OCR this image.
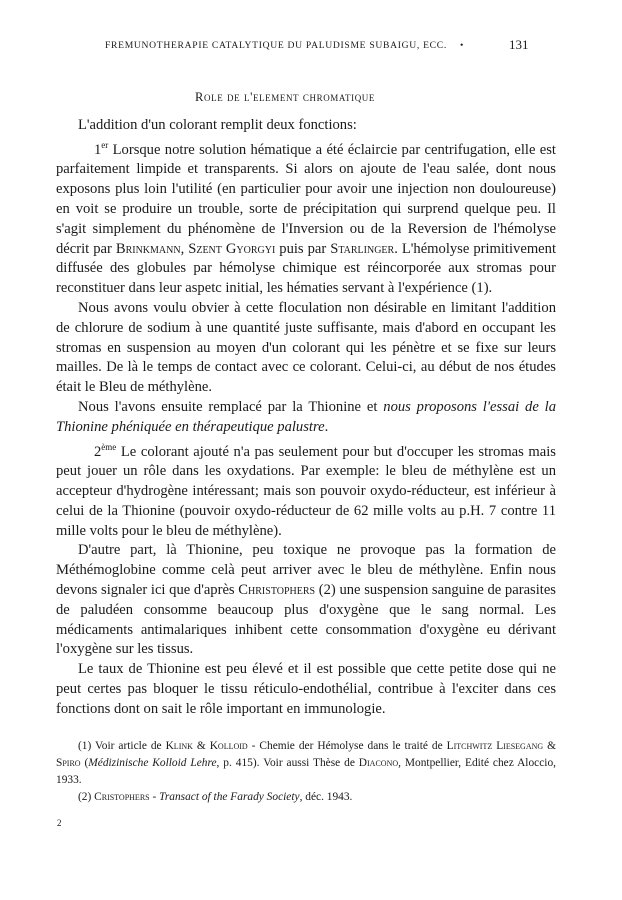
FREMUNOTHERAPIE CATALYTIQUE DU PALUDISME SUBAIGU, ECC. •	131
Role de l'element chromatique

L'addition d'un colorant remplit deux fonctions:

1er Lorsque notre solution hématique a été éclaircie par centrifugation, elle est parfaitement limpide et transparents. Si alors on ajoute de l'eau salée, dont nous exposons plus loin l'utilité (en particulier pour avoir une injection non douloureuse) en voit se produire un trouble, sorte de précipitation qui surprend quelque peu. Il s'agit simplement du phénomène de l'Inversion ou de la Reversion de l'hémolyse décrit par Brinkmann, Szent Gyorgyi puis par Starlinger. L'hémolyse primitivement diffusée des globules par hémolyse chimique est réincorporée aux stromas pour reconstituer dans leur aspetc initial, les hématies servant à l'expérience (1).

Nous avons voulu obvier à cette floculation non désirable en limitant l'addition de chlorure de sodium à une quantité juste suffisante, mais d'abord en occupant les stromas en suspension au moyen d'un colorant qui les pénètre et se fixe sur leurs mailles. De là le temps de contact avec ce colorant. Celui-ci, au début de nos études était le Bleu de méthylène.

Nous l'avons ensuite remplacé par la Thionine et nous proposons l'essai de la Thionine phéniquée en thérapeutique palustre.

2ème Le colorant ajouté n'a pas seulement pour but d'occuper les stromas mais peut jouer un rôle dans les oxydations. Par exemple: le bleu de méthylène est un accepteur d'hydrogène intéressant; mais son pouvoir oxydo-réducteur, est inférieur à celui de la Thionine (pouvoir oxydo-réducteur de 62 mille volts au p.H. 7 contre 11 mille volts pour le bleu de méthylène).

D'autre part, là Thionine, peu toxique ne provoque pas la formation de Méthémoglobine comme celà peut arriver avec le bleu de méthylène. Enfin nous devons signaler ici que d'après Christophers (2) une suspension sanguine de parasites de paludéen consomme beaucoup plus d'oxygène que le sang normal. Les médicaments antimalariques inhibent cette consommation d'oxygène eu dérivant l'oxygène sur les tissus.

Le taux de Thionine est peu élevé et il est possible que cette petite dose qui ne peut certes pas bloquer le tissu réticulo-endothélial, contribue à l'exciter dans ces fonctions dont on sait le rôle important en immunologie.

(1) Voir article de Klink & Kolloid - Chemie der Hémolyse dans le traité de Litchwitz Liesegang & Spiro (Médizinische Kolloid Lehre, p. 415). Voir aussi Thèse de Diacono, Montpellier, Edité chez Aloccio, 1933.

(2) Cristophers - Transact of the Farady Society, déc. 1943.

2
